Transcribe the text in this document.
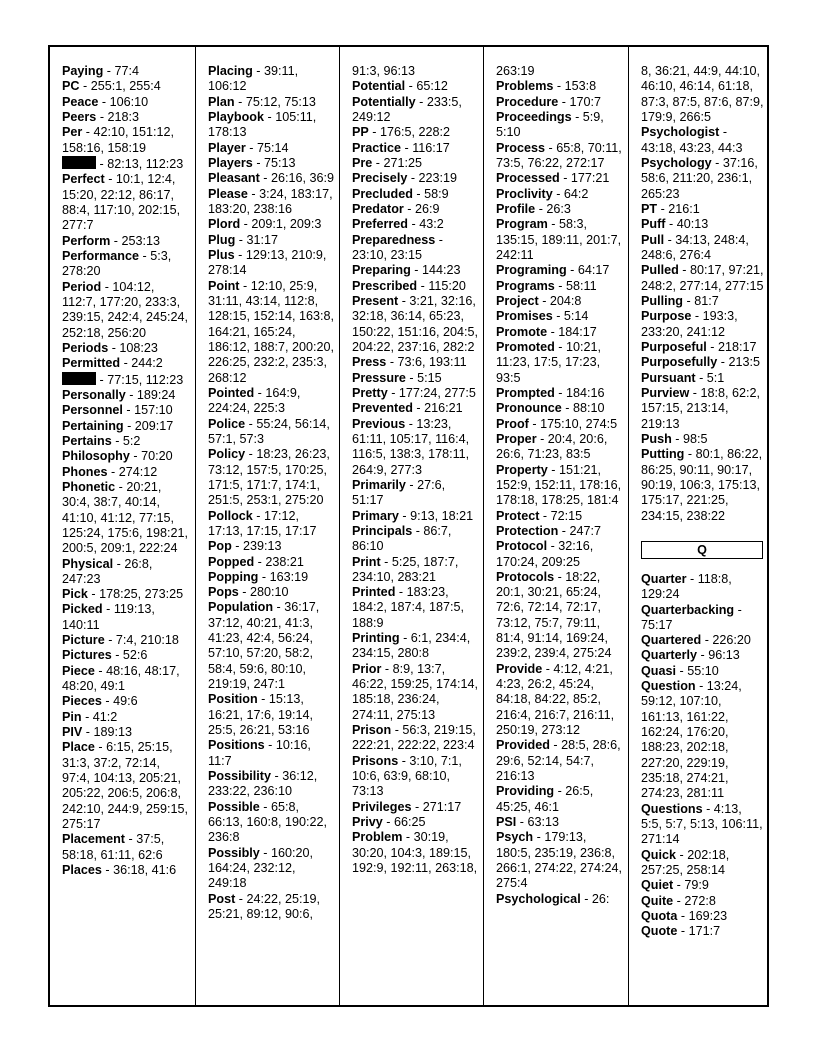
Paying - 77:4
PC - 255:1, 255:4
Peace - 106:10
Peers - 218:3
Per - 42:10, 151:12, 158:16, 158:19
- 82:13, 112:23
Perfect - 10:1, 12:4, 15:20, 22:12, 86:17, 88:4, 117:10, 202:15, 277:7
Perform - 253:13
Performance - 5:3, 278:20
Period - 104:12, 112:7, 177:20, 233:3, 239:15, 242:4, 245:24, 252:18, 256:20
Periods - 108:23
Permitted - 244:2
- 77:15, 112:23
Personally - 189:24
Personnel - 157:10
Pertaining - 209:17
Pertains - 5:2
Philosophy - 70:20
Phones - 274:12
Phonetic - 20:21, 30:4, 38:7, 40:14, 41:10, 41:12, 77:15, 125:24, 175:6, 198:21, 200:5, 209:1, 222:24
Physical - 26:8, 247:23
Pick - 178:25, 273:25
Picked - 119:13, 140:11
Picture - 7:4, 210:18
Pictures - 52:6
Piece - 48:16, 48:17, 48:20, 49:1
Pieces - 49:6
Pin - 41:2
PIV - 189:13
Place - 6:15, 25:15, 31:3, 37:2, 72:14, 97:4, 104:13, 205:21, 205:22, 206:5, 206:8, 242:10, 244:9, 259:15, 275:17
Placement - 37:5, 58:18, 61:11, 62:6
Places - 36:18, 41:6
Placing - 39:11, 106:12
Plan - 75:12, 75:13
Playbook - 105:11, 178:13
Player - 75:14
Players - 75:13
Pleasant - 26:16, 36:9
Please - 3:24, 183:17, 183:20, 238:16
Plord - 209:1, 209:3
Plug - 31:17
Plus - 129:13, 210:9, 278:14
Point - 12:10, 25:9, 31:11, 43:14, 112:8, 128:15, 152:14, 163:8, 164:21, 165:24, 186:12, 188:7, 200:20, 226:25, 232:2, 235:3, 268:12
Pointed - 164:9, 224:24, 225:3
Police - 55:24, 56:14, 57:1, 57:3
Policy - 18:23, 26:23, 73:12, 157:5, 170:25, 171:5, 171:7, 174:1, 251:5, 253:1, 275:20
Pollock - 17:12, 17:13, 17:15, 17:17
Pop - 239:13
Popped - 238:21
Popping - 163:19
Pops - 280:10
Population - 36:17, 37:12, 40:21, 41:3, 41:23, 42:4, 56:24, 57:10, 57:20, 58:2, 58:4, 59:6, 80:10, 219:19, 247:1
Position - 15:13, 16:21, 17:6, 19:14, 25:5, 26:21, 53:16
Positions - 10:16, 11:7
Possibility - 36:12, 233:22, 236:10
Possible - 65:8, 66:13, 160:8, 190:22, 236:8
Possibly - 160:20, 164:24, 232:12, 249:18
Post - 24:22, 25:19, 25:21, 89:12, 90:6,
91:3, 96:13
Potential - 65:12
Potentially - 233:5, 249:12
PP - 176:5, 228:2
Practice - 116:17
Pre - 271:25
Precisely - 223:19
Precluded - 58:9
Predator - 26:9
Preferred - 43:2
Preparedness - 23:10, 23:15
Preparing - 144:23
Prescribed - 115:20
Present - 3:21, 32:16, 32:18, 36:14, 65:23, 150:22, 151:16, 204:5, 204:22, 237:16, 282:2
Press - 73:6, 193:11
Pressure - 5:15
Pretty - 177:24, 277:5
Prevented - 216:21
Previous - 13:23, 61:11, 105:17, 116:4, 116:5, 138:3, 178:11, 264:9, 277:3
Primarily - 27:6, 51:17
Primary - 9:13, 18:21
Principals - 86:7, 86:10
Print - 5:25, 187:7, 234:10, 283:21
Printed - 183:23, 184:2, 187:4, 187:5, 188:9
Printing - 6:1, 234:4, 234:15, 280:8
Prior - 8:9, 13:7, 46:22, 159:25, 174:14, 185:18, 236:24, 274:11, 275:13
Prison - 56:3, 219:15, 222:21, 222:22, 223:4
Prisons - 3:10, 7:1, 10:6, 63:9, 68:10, 73:13
Privileges - 271:17
Privy - 66:25
Problem - 30:19, 30:20, 104:3, 189:15, 192:9, 192:11, 263:18,
263:19
Problems - 153:8
Procedure - 170:7
Proceedings - 5:9, 5:10
Process - 65:8, 70:11, 73:5, 76:22, 272:17
Processed - 177:21
Proclivity - 64:2
Profile - 26:3
Program - 58:3, 135:15, 189:11, 201:7, 242:11
Programing - 64:17
Programs - 58:11
Project - 204:8
Promises - 5:14
Promote - 184:17
Promoted - 10:21, 11:23, 17:5, 17:23, 93:5
Prompted - 184:16
Pronounce - 88:10
Proof - 175:10, 274:5
Proper - 20:4, 20:6, 26:6, 71:23, 83:5
Property - 151:21, 152:9, 152:11, 178:16, 178:18, 178:25, 181:4
Protect - 72:15
Protection - 247:7
Protocol - 32:16, 170:24, 209:25
Protocols - 18:22, 20:1, 30:21, 65:24, 72:6, 72:14, 72:17, 73:12, 75:7, 79:11, 81:4, 91:14, 169:24, 239:2, 239:4, 275:24
Provide - 4:12, 4:21, 4:23, 26:2, 45:24, 84:18, 84:22, 85:2, 216:4, 216:7, 216:11, 250:19, 273:12
Provided - 28:5, 28:6, 29:6, 52:14, 54:7, 216:13
Providing - 26:5, 45:25, 46:1
PSI - 63:13
Psych - 179:13, 180:5, 235:19, 236:8, 266:1, 274:22, 274:24, 275:4
Psychological - 26:
8, 36:21, 44:9, 44:10, 46:10, 46:14, 61:18, 87:3, 87:5, 87:6, 87:9, 179:9, 266:5
Psychologist - 43:18, 43:23, 44:3
Psychology - 37:16, 58:6, 211:20, 236:1, 265:23
PT - 216:1
Puff - 40:13
Pull - 34:13, 248:4, 248:6, 276:4
Pulled - 80:17, 97:21, 248:2, 277:14, 277:15
Pulling - 81:7
Purpose - 193:3, 233:20, 241:12
Purposeful - 218:17
Purposefully - 213:5
Pursuant - 5:1
Purview - 18:8, 62:2, 157:15, 213:14, 219:13
Push - 98:5
Putting - 80:1, 86:22, 86:25, 90:11, 90:17, 90:19, 106:3, 175:13, 175:17, 221:25, 234:15, 238:22
Q
Quarter - 118:8, 129:24
Quarterbacking - 75:17
Quartered - 226:20
Quarterly - 96:13
Quasi - 55:10
Question - 13:24, 59:12, 107:10, 161:13, 161:22, 162:24, 176:20, 188:23, 202:18, 227:20, 229:19, 235:18, 274:21, 274:23, 281:11
Questions - 4:13, 5:5, 5:7, 5:13, 106:11, 271:14
Quick - 202:18, 257:25, 258:14
Quiet - 79:9
Quite - 272:8
Quota - 169:23
Quote - 171:7
